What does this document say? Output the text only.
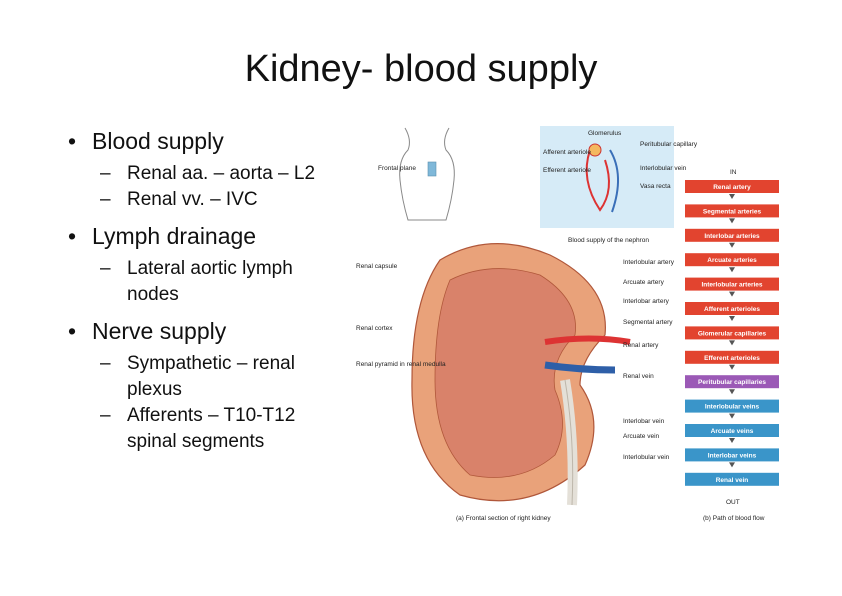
Kidney- blood supply
• Blood supply
– Renal aa. – aorta – L2
– Renal vv. – IVC
• Lymph drainage
– Lateral aortic lymph nodes
• Nerve supply
– Sympathetic – renal plexus
– Afferents – T10-T12 spinal segments
Frontal plane
Glomerulus
Afferent arteriole
Efferent arteriole
Peritubular capillary
Interlobular vein
Vasa recta
Blood supply of the nephron
Renal capsule
Renal cortex
Renal pyramid in renal medulla
Interlobular artery
Arcuate artery
Interlobar artery
Segmental artery
Renal artery
Renal vein
Interlobar vein
Arcuate vein
Interlobular vein
(a) Frontal section of right kidney
IN
Renal artery
Segmental arteries
Interlobar arteries
Arcuate arteries
Interlobular arteries
Afferent arterioles
Glomerular capillaries
Efferent arterioles
Peritubular capillaries
Interlobular veins
Arcuate veins
Interlobar veins
Renal vein
OUT
(b) Path of blood flow
